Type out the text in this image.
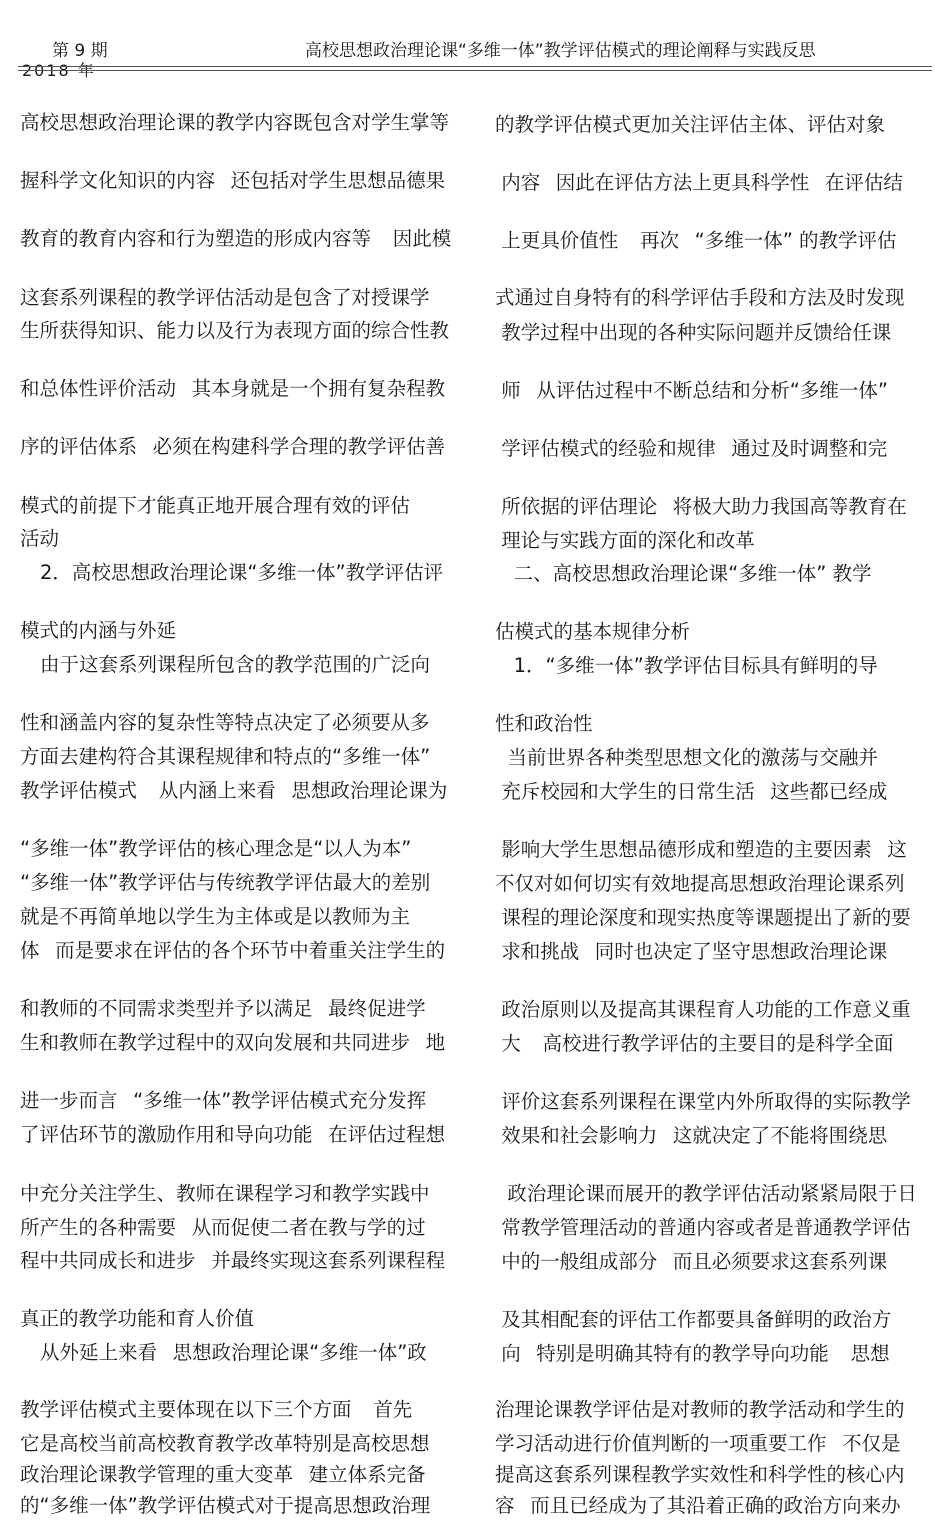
第 9 期
2018 年
高校思想政治理论课“多维一体”教学评估模式的理论阐释与实践反思
高校思想政治理论课的教学内容既包含对学生掌等
握科学文化知识的内容还包括对学生思想品德果
教育的教育内容和行为塑造的形成内容等 因此模
这套系列课程的教学评估活动是包含了对授课学
生所获得知识、能力以及行为表现方面的综合性教
和总体性评价活动其本身就是一个拥有复杂程教
序的评估体系必须在构建科学合理的教学评估善
模式的前提下才能真正地开展合理有效的评估
活动
2．高校思想政治理论课“多维一体”教学评估评
模式的内涵与外延
由于这套系列课程所包含的教学范围的广泛向
性和涵盖内容的复杂性等特点决定了必须要从多
方面去建构符合其课程规律和特点的“多维一体”
教学评估模式 从内涵上来看思想政治理论课为
“多维一体”教学评估的核心理念是“以人为本”
“多维一体”教学评估与传统教学评估最大的差别
就是不再简单地以学生为主体或是以教师为主
体而是要求在评估的各个环节中着重关注学生的
和教师的不同需求类型并予以满足最终促进学
生和教师在教学过程中的双向发展和共同进步地
进一步而言“多维一体”教学评估模式充分发挥
了评估环节的激励作用和导向功能在评估过程想
中充分关注学生、教师在课程学习和教学实践中
所产生的各种需要从而促使二者在教与学的过
程中共同成长和进步并最终实现这套系列课程程
真正的教学功能和育人价值
从外延上来看思想政治理论课“多维一体”政
教学评估模式主要体现在以下三个方面 首先
它是高校当前高校教育教学改革特别是高校思想
政治理论课教学管理的重大变革建立体系完备
的“多维一体”教学评估模式对于提高思想政治理
的教学评估模式更加关注评估主体、评估对象
内容因此在评估方法上更具科学性在评估结
上更具价值性 再次“多维一体” 的教学评估
式通过自身特有的科学评估手段和方法及时发现
教学过程中出现的各种实际问题并反馈给任课
师从评估过程中不断总结和分析“多维一体”
学评估模式的经验和规律通过及时调整和完
所依据的评估理论将极大助力我国高等教育在
理论与实践方面的深化和改革
二、高校思想政治理论课“多维一体” 教学
估模式的基本规律分析
1．“多维一体”教学评估目标具有鲜明的导
性和政治性
当前世界各种类型思想文化的激荡与交融并
充斥校园和大学生的日常生活这些都已经成
影响大学生思想品德形成和塑造的主要因素这
不仅对如何切实有效地提高思想政治理论课系列
课程的理论深度和现实热度等课题提出了新的要
求和挑战同时也决定了坚守思想政治理论课
政治原则以及提高其课程育人功能的工作意义重
大 高校进行教学评估的主要目的是科学全面
评价这套系列课程在课堂内外所取得的实际教学
效果和社会影响力这就决定了不能将围绕思
政治理论课而展开的教学评估活动紧紧局限于日
常教学管理活动的普通内容或者是普通教学评估
中的一般组成部分而且必须要求这套系列课
及其相配套的评估工作都要具备鲜明的政治方
向特别是明确其特有的教学导向功能 思想
治理论课教学评估是对教师的教学活动和学生的
学习活动进行价值判断的一项重要工作不仅是
提高这套系列课程教学实效性和科学性的核心内
容而且已经成为了其沿着正确的政治方向来办
